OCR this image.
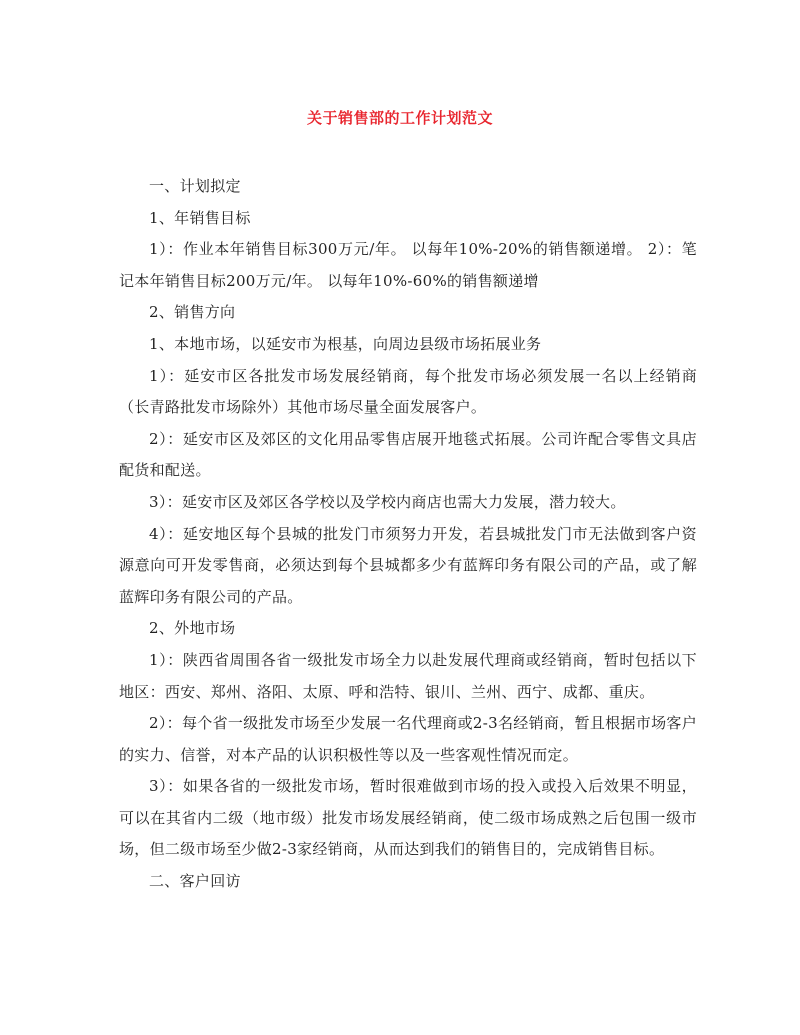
关于销售部的工作计划范文

一、计划拟定

1、年销售目标

1）：作业本年销售目标300万元/年。 以每年10%-20%的销售额递增。 2）：笔记本年销售目标200万元/年。 以每年10%-60%的销售额递增

2、销售方向

1、本地市场，以延安市为根基，向周边县级市场拓展业务

1）：延安市区各批发市场发展经销商，每个批发市场必须发展一名以上经销商（长青路批发市场除外）其他市场尽量全面发展客户。

2）：延安市区及郊区的文化用品零售店展开地毯式拓展。公司许配合零售文具店配货和配送。

3）：延安市区及郊区各学校以及学校内商店也需大力发展，潜力较大。

4）：延安地区每个县城的批发门市须努力开发，若县城批发门市无法做到客户资源意向可开发零售商，必须达到每个县城都多少有蓝辉印务有限公司的产品，或了解蓝辉印务有限公司的产品。

2、外地市场

1）：陕西省周围各省一级批发市场全力以赴发展代理商或经销商，暂时包括以下地区：西安、郑州、洛阳、太原、呼和浩特、银川、兰州、西宁、成都、重庆。

2）：每个省一级批发市场至少发展一名代理商或2-3名经销商，暂且根据市场客户的实力、信誉，对本产品的认识积极性等以及一些客观性情况而定。

3）：如果各省的一级批发市场，暂时很难做到市场的投入或投入后效果不明显，可以在其省内二级（地市级）批发市场发展经销商，使二级市场成熟之后包围一级市场，但二级市场至少做2-3家经销商，从而达到我们的销售目的，完成销售目标。

二、客户回访
